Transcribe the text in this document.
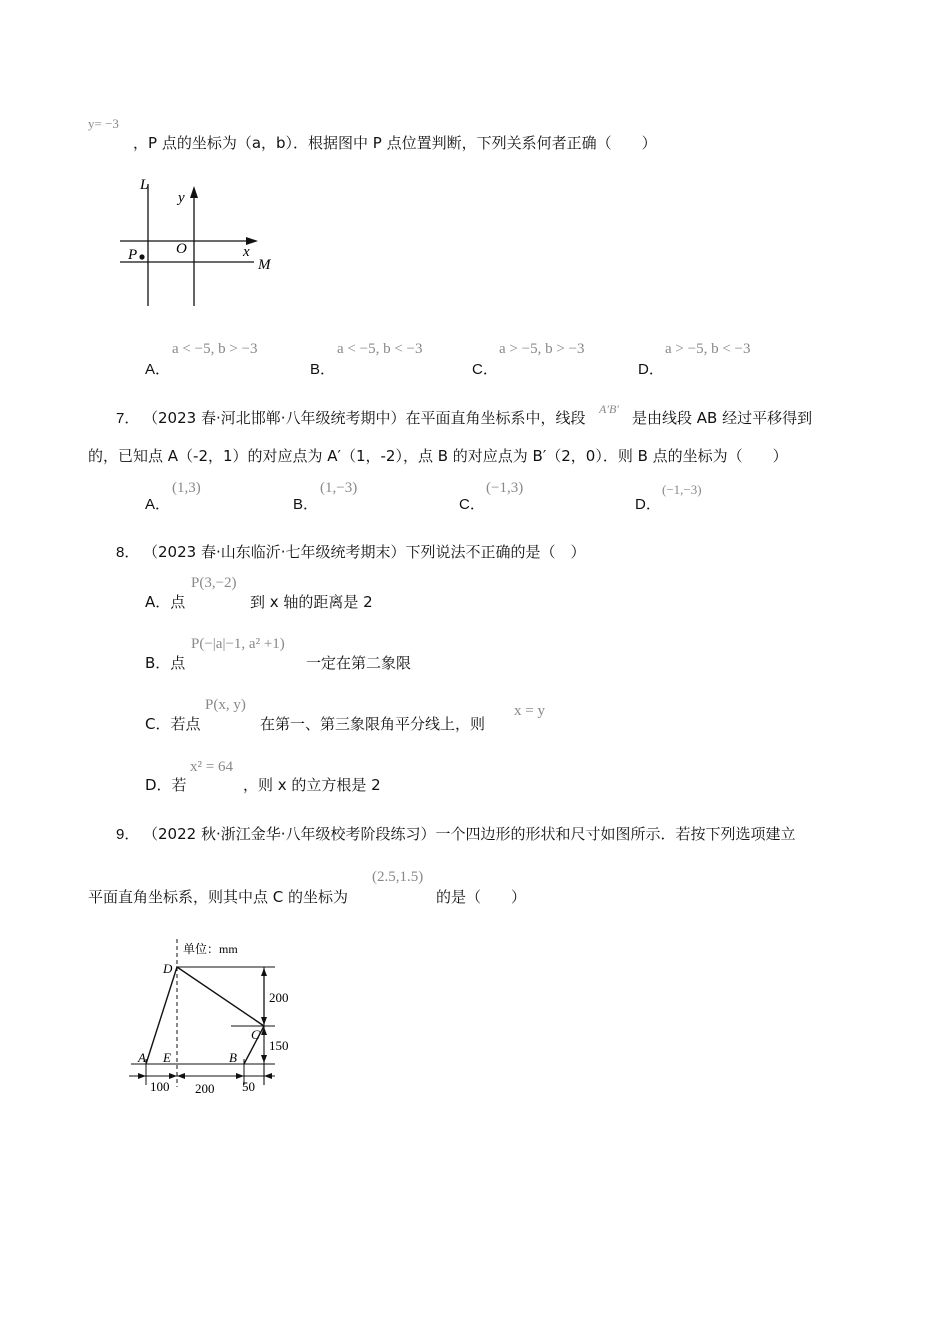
y= −3
，P 点的坐标为（a，b）．根据图中 P 点位置判断，下列关系何者正确（　　）
L
y
O	x
P
M
A．
a < −5, b > −3
B．
a < −5, b < −3
C．
a > −5, b > −3
D．
a > −5, b < −3
7． （2023 春·河北邯郸·八年级统考期中）在平面直角坐标系中，线段 A′B′ 是由线段 AB 经过平移得到
的，已知点 A（-2，1）的对应点为 A′（1，-2），点 B 的对应点为 B′（2，0）．则 B 点的坐标为（　　）
A．
(1,3)
B．
(1,−3)
C．
(−1,3)
D．
(−1,−3)
8． （2023 春·山东临沂·七年级统考期末）下列说法不正确的是（　）
A．点
P(3,−2)
到 x 轴的距离是 2
B．点
P(−|a|−1, a² +1)
一定在第二象限
C．若点
P(x, y)
在第一、第三象限角平分线上，则
x = y
D．若
x² = 64
，则 x 的立方根是 2
9． （2022 秋·浙江金华·八年级校考阶段练习）一个四边形的形状和尺寸如图所示．若按下列选项建立
平面直角坐标系，则其中点 C 的坐标为
(2.5,1.5)
的是（　　）
单位：mm
D
C
A E	B
200
150
100 200 50
